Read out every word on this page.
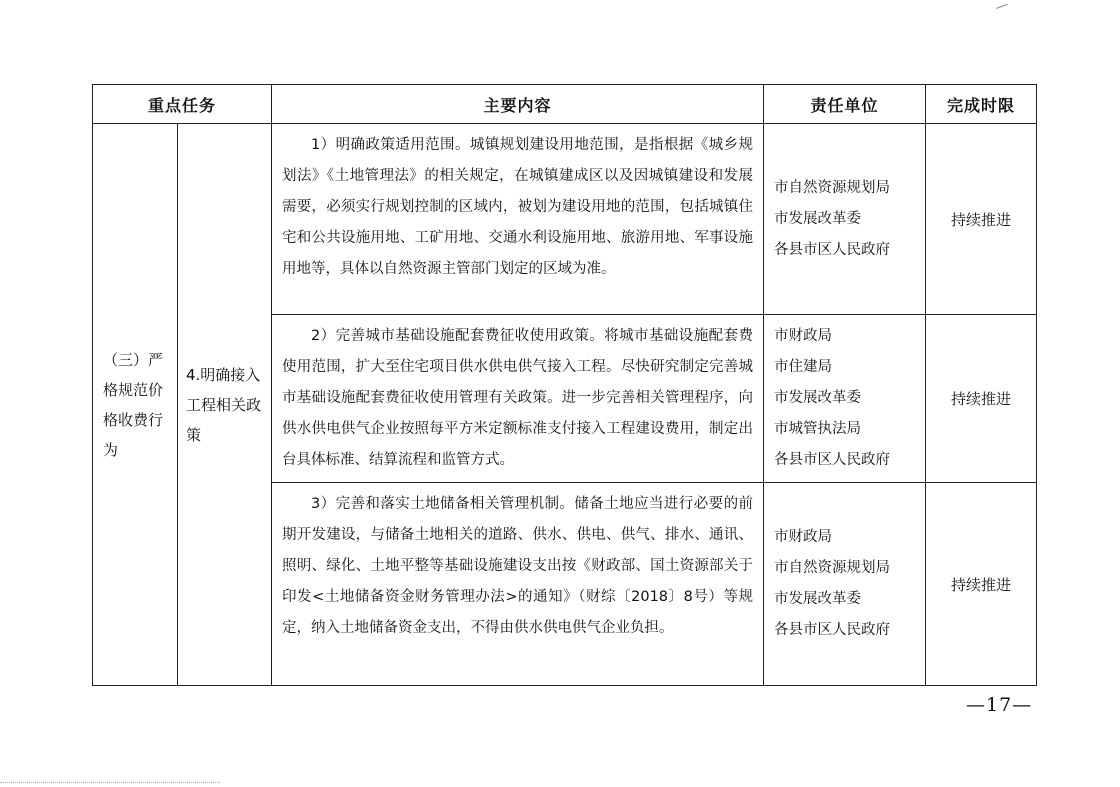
重点任务		主要内容	责任单位	完成时限
（三）严格规范价格收费行为	4.明确接入工程相关政策	1）明确政策适用范围。城镇规划建设用地范围，是指根据《城乡规划法》《土地管理法》的相关规定，在城镇建成区以及因城镇建设和发展需要，必须实行规划控制的区域内，被划为建设用地的范围，包括城镇住宅和公共设施用地、工矿用地、交通水利设施用地、旅游用地、军事设施用地等，具体以自然资源主管部门划定的区域为准。	市自然资源规划局
市发展改革委
各县市区人民政府	持续推进

		2）完善城市基础设施配套费征收使用政策。将城市基础设施配套费使用范围，扩大至住宅项目供水供电供气接入工程。尽快研究制定完善城市基础设施配套费征收使用管理有关政策。进一步完善相关管理程序，向供水供电供气企业按照每平方米定额标准支付接入工程建设费用，制定出台具体标准、结算流程和监管方式。	市财政局
市住建局
市发展改革委
市城管执法局
各县市区人民政府	持续推进

		3）完善和落实土地储备相关管理机制。储备土地应当进行必要的前期开发建设，与储备土地相关的道路、供水、供电、供气、排水、通讯、照明、绿化、土地平整等基础设施建设支出按《财政部、国土资源部关于印发<土地储备资金财务管理办法>的通知》（财综〔2018〕8号）等规定，纳入土地储备资金支出，不得由供水供电供气企业负担。	市财政局
市自然资源规划局
市发展改革委
各县市区人民政府	持续推进
—17—
